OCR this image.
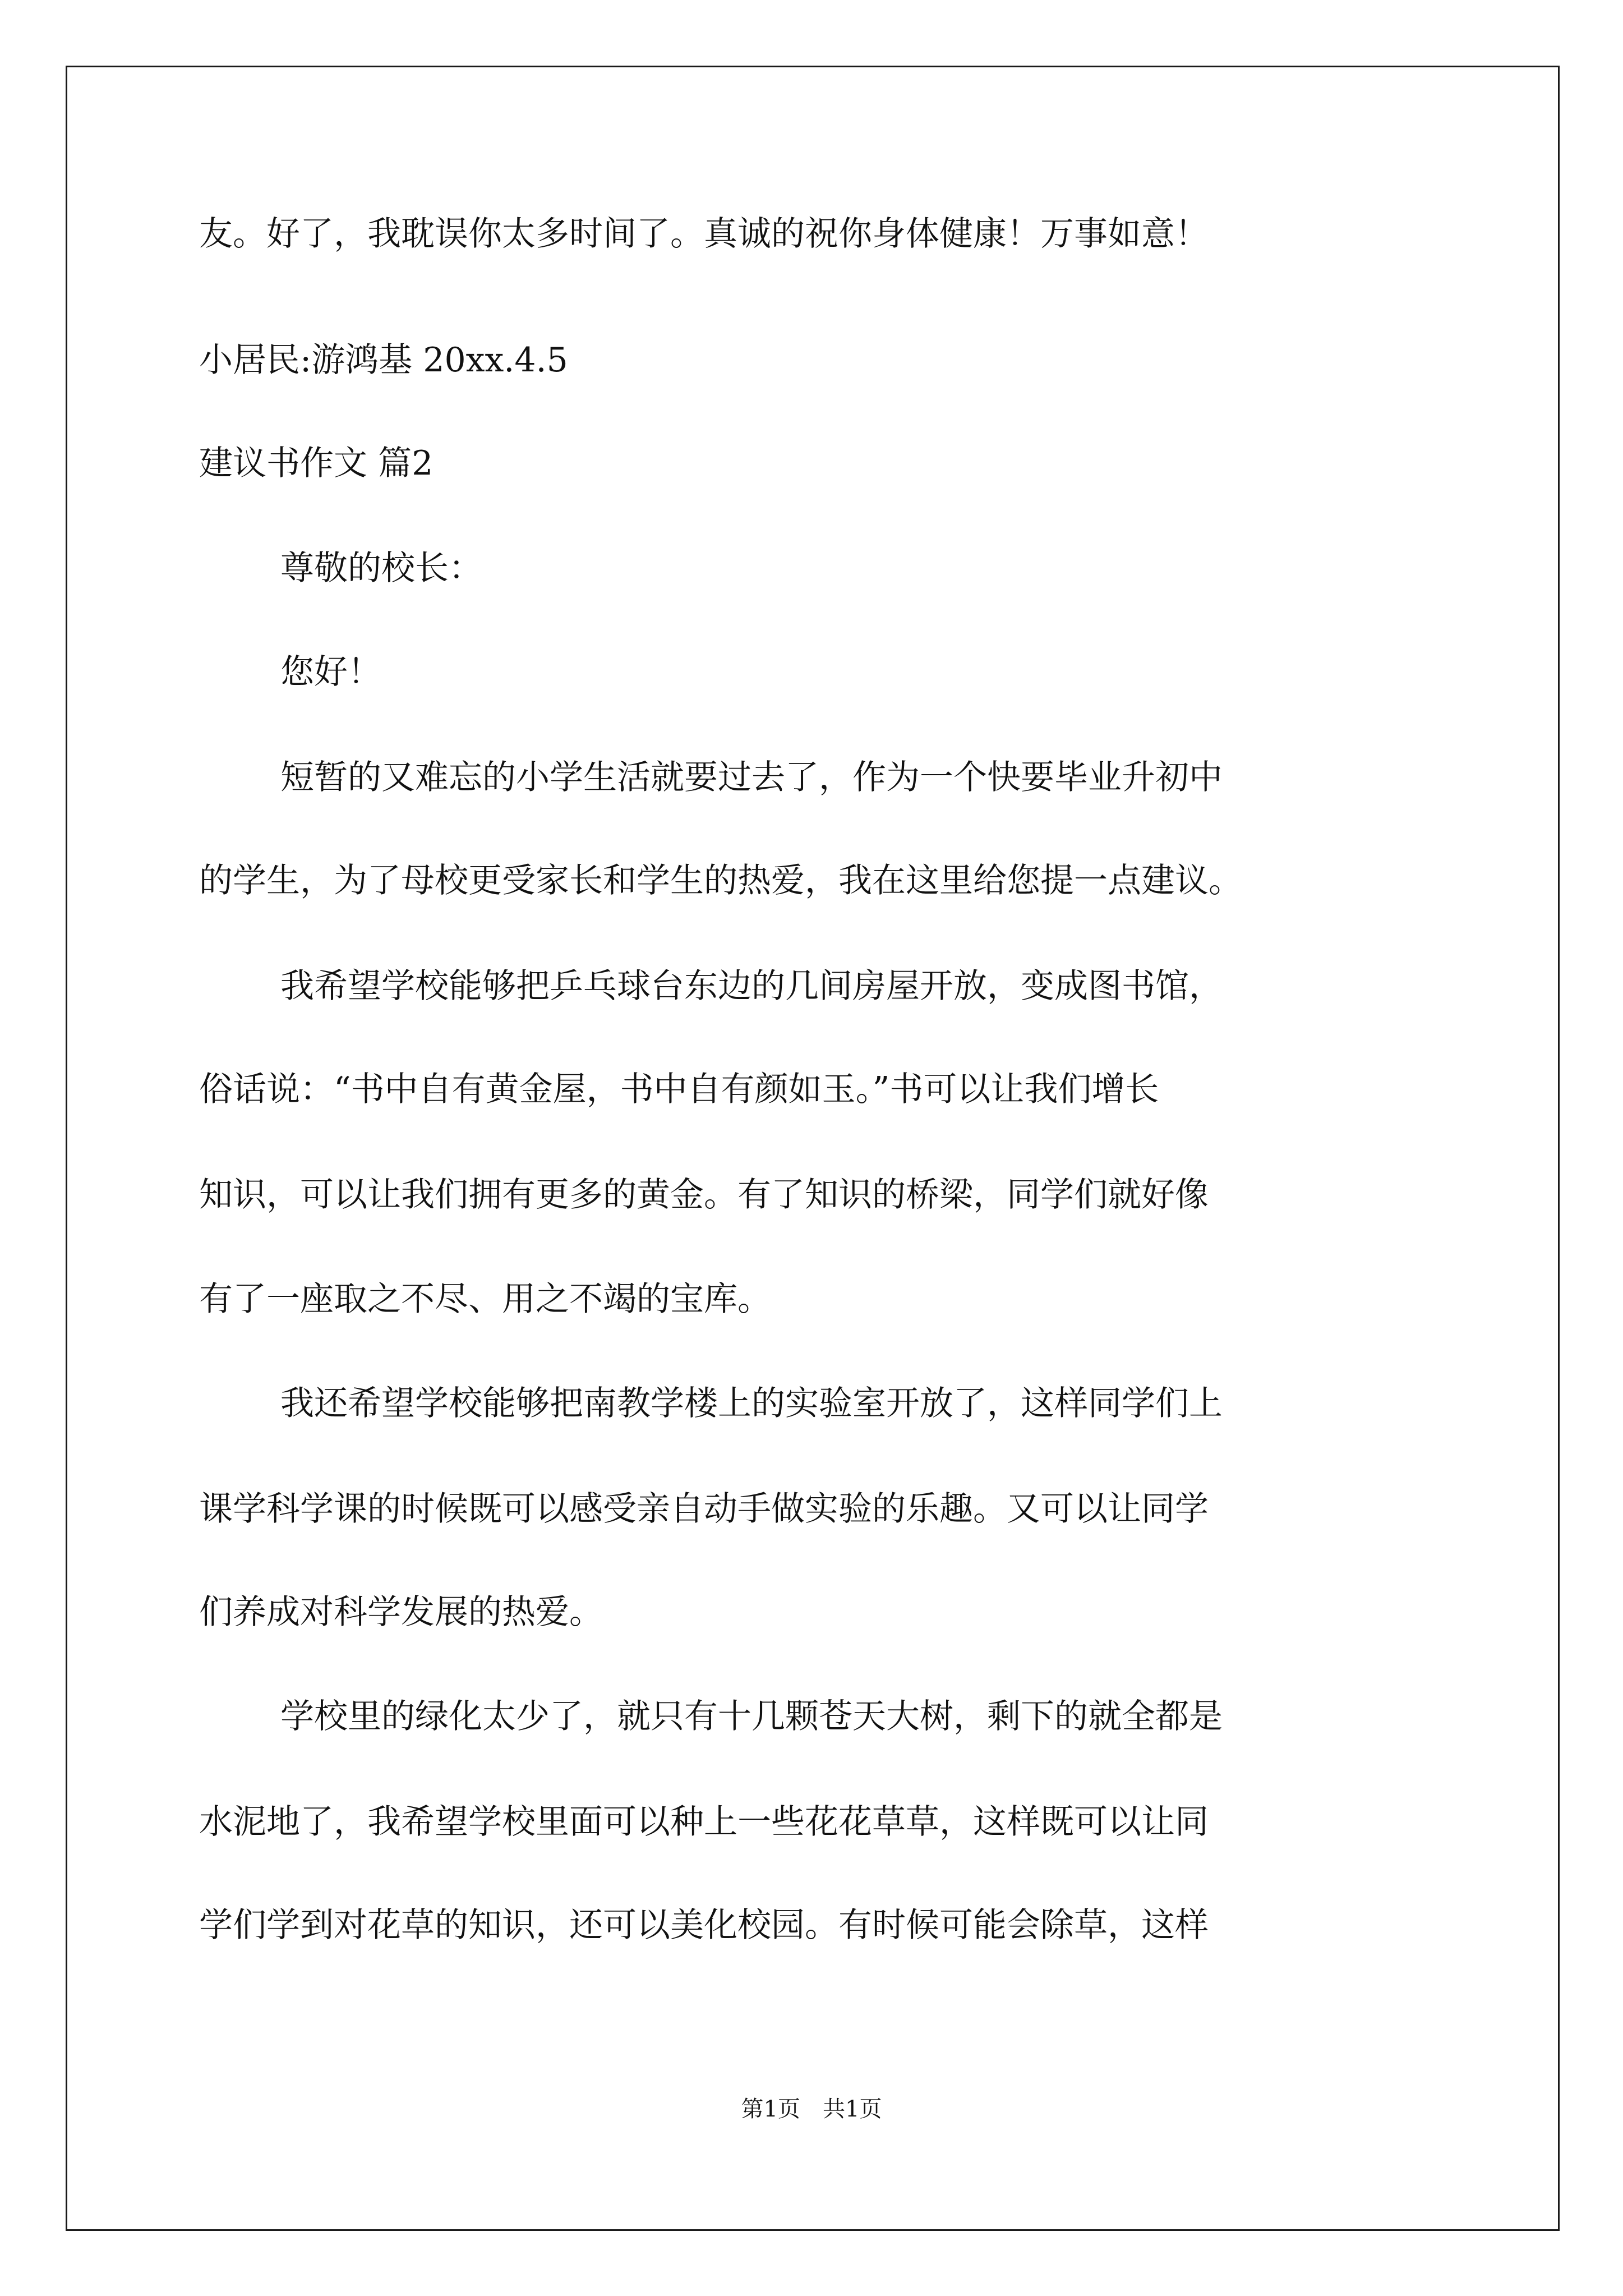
友。好了，我耽误你太多时间了。真诚的祝你身体健康！万事如意！
小居民:游鸿基 20xx.4.5
建议书作文 篇2
尊敬的校长：
您好！
短暂的又难忘的小学生活就要过去了，作为一个快要毕业升初中
的学生，为了母校更受家长和学生的热爱，我在这里给您提一点建议。
我希望学校能够把乒乓球台东边的几间房屋开放，变成图书馆，
俗话说：“书中自有黄金屋，书中自有颜如玉。”书可以让我们增长
知识，可以让我们拥有更多的黄金。有了知识的桥梁，同学们就好像
有了一座取之不尽、用之不竭的宝库。
我还希望学校能够把南教学楼上的实验室开放了，这样同学们上
课学科学课的时候既可以感受亲自动手做实验的乐趣。又可以让同学
们养成对科学发展的热爱。
学校里的绿化太少了，就只有十几颗苍天大树，剩下的就全都是
水泥地了，我希望学校里面可以种上一些花花草草，这样既可以让同
学们学到对花草的知识，还可以美化校园。有时候可能会除草，这样
第1页　共1页
